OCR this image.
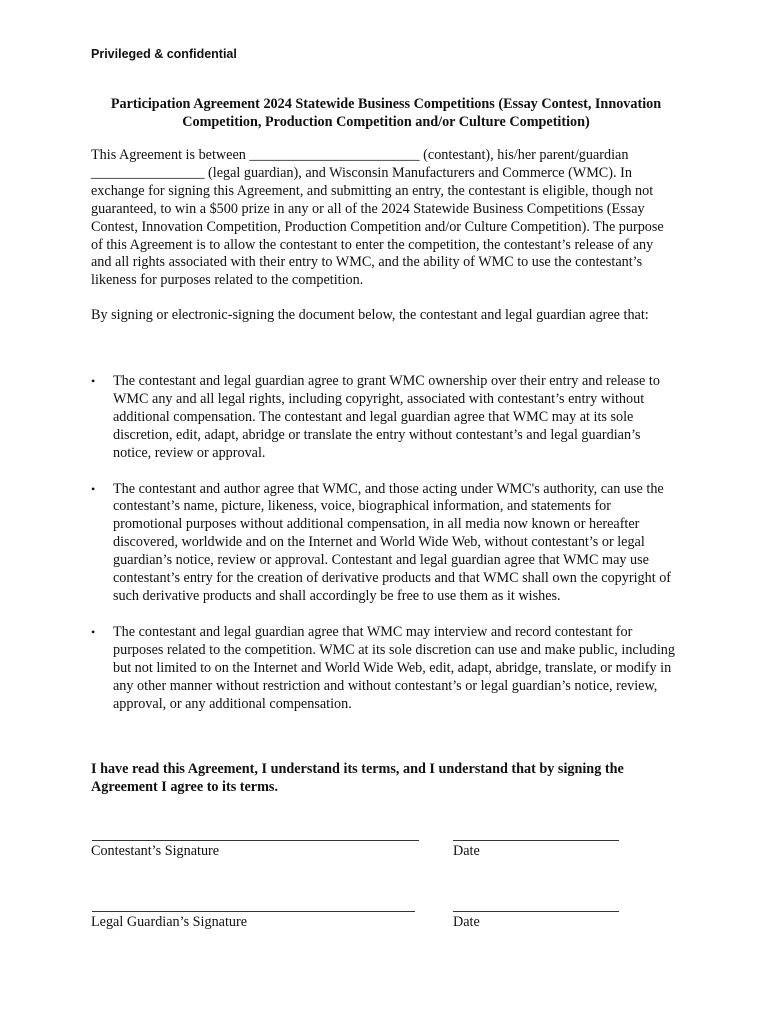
Privileged & confidential
Participation Agreement 2024 Statewide Business Competitions (Essay Contest, Innovation Competition, Production Competition and/or Culture Competition)
This Agreement is between ________________________ (contestant), his/her parent/guardian ________________ (legal guardian), and Wisconsin Manufacturers and Commerce (WMC). In exchange for signing this Agreement, and submitting an entry, the contestant is eligible, though not guaranteed, to win a $500 prize in any or all of the 2024 Statewide Business Competitions (Essay Contest, Innovation Competition, Production Competition and/or Culture Competition). The purpose of this Agreement is to allow the contestant to enter the competition, the contestant’s release of any and all rights associated with their entry to WMC, and the ability of WMC to use the contestant’s likeness for purposes related to the competition.
By signing or electronic-signing the document below, the contestant and legal guardian agree that:
• The contestant and legal guardian agree to grant WMC ownership over their entry and release to WMC any and all legal rights, including copyright, associated with contestant’s entry without additional compensation. The contestant and legal guardian agree that WMC may at its sole discretion, edit, adapt, abridge or translate the entry without contestant’s and legal guardian’s notice, review or approval.
• The contestant and author agree that WMC, and those acting under WMC's authority, can use the contestant’s name, picture, likeness, voice, biographical information, and statements for promotional purposes without additional compensation, in all media now known or hereafter discovered, worldwide and on the Internet and World Wide Web, without contestant’s or legal guardian’s notice, review or approval. Contestant and legal guardian agree that WMC may use contestant’s entry for the creation of derivative products and that WMC shall own the copyright of such derivative products and shall accordingly be free to use them as it wishes.
• The contestant and legal guardian agree that WMC may interview and record contestant for purposes related to the competition. WMC at its sole discretion can use and make public, including but not limited to on the Internet and World Wide Web, edit, adapt, abridge, translate, or modify in any other manner without restriction and without contestant’s or legal guardian’s notice, review, approval, or any additional compensation.
I have read this Agreement, I understand its terms, and I understand that by signing the Agreement I agree to its terms.
Contestant’s Signature	Date
Legal Guardian’s Signature	Date
